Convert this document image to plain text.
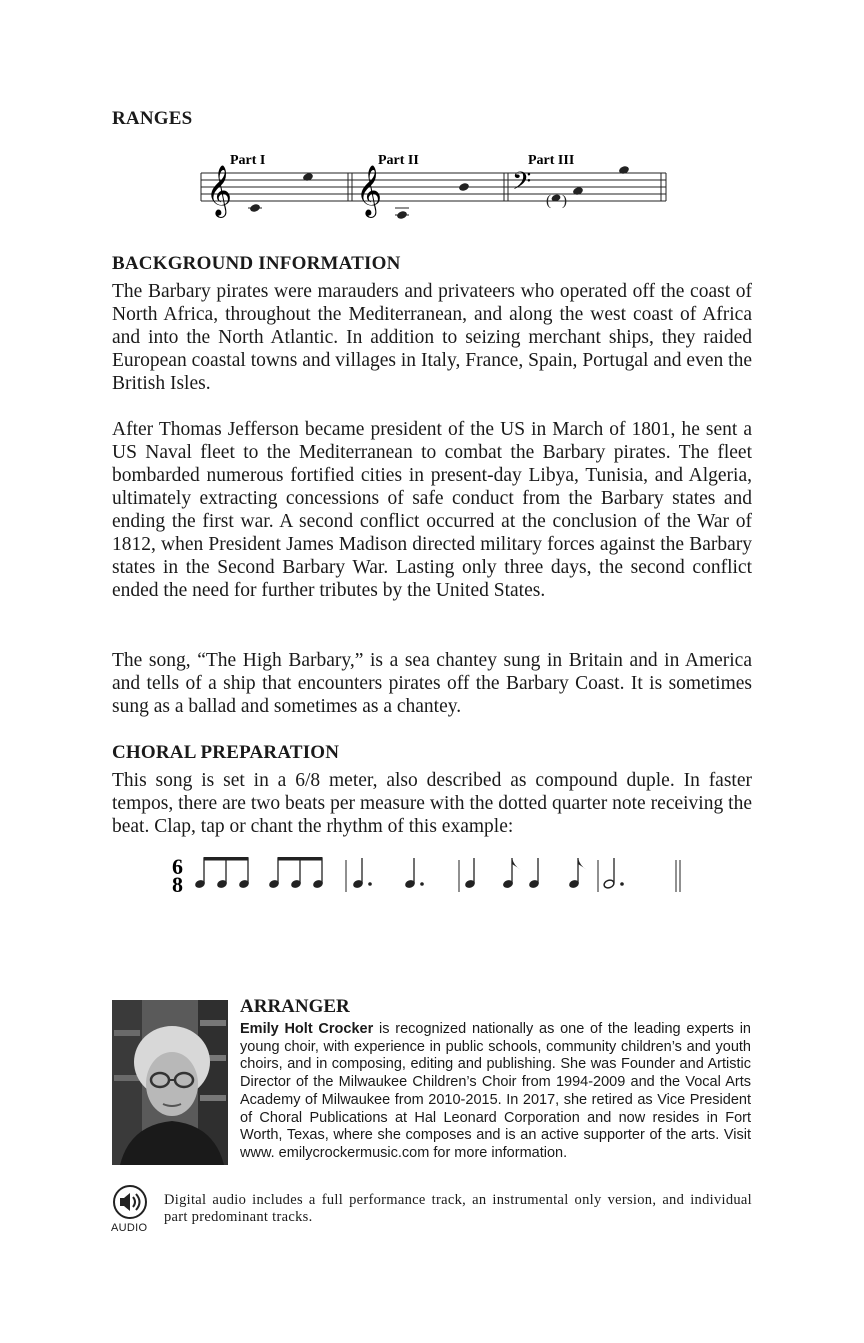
RANGES
Part I	Part II	Part III
𝄞	𝄞	𝄢 ( )
BACKGROUND INFORMATION

The Barbary pirates were marauders and privateers who operated off the coast of North Africa, throughout the Mediterranean, and along the west coast of Africa and into the North Atlantic. In addition to seizing merchant ships, they raided European coastal towns and villages in Italy, France, Spain, Portugal and even the British Isles.

After Thomas Jefferson became president of the US in March of 1801, he sent a US Naval fleet to the Mediterranean to combat the Barbary pirates. The fleet bombarded numerous fortified cities in present-day Libya, Tunisia, and Algeria, ultimately extracting concessions of safe conduct from the Barbary states and ending the first war. A second conflict occurred at the conclusion of the War of 1812, when President James Madison directed military forces against the Barbary states in the Second Barbary War. Lasting only three days, the second conflict ended the need for further tributes by the United States.

The song, “The High Barbary,” is a sea chantey sung in Britain and in America and tells of a ship that encounters pirates off the Barbary Coast. It is sometimes sung as a ballad and sometimes as a chantey.

CHORAL PREPARATION

This song is set in a 6/8 meter, also described as compound duple. In faster tempos, there are two beats per measure with the dotted quarter note receiving the beat. Clap, tap or chant the rhythm of this example:

6
8
ARRANGER

Emily Holt Crocker is recognized nationally as one of the leading experts in young choir, with experience in public schools, community children’s and youth choirs, and in composing, editing and publishing. She was Founder and Artistic Director of the Milwaukee Children’s Choir from 1994-2009 and the Vocal Arts Academy of Milwaukee from 2010-2015. In 2017, she retired as Vice President of Choral Publications at Hal Leonard Corporation and now resides in Fort Worth, Texas, where she composes and is an active supporter of the arts. Visit www. emilycrockermusic.com for more information.

AUDIO

Digital audio includes a full performance track, an instrumental only version, and individual part predominant tracks.
